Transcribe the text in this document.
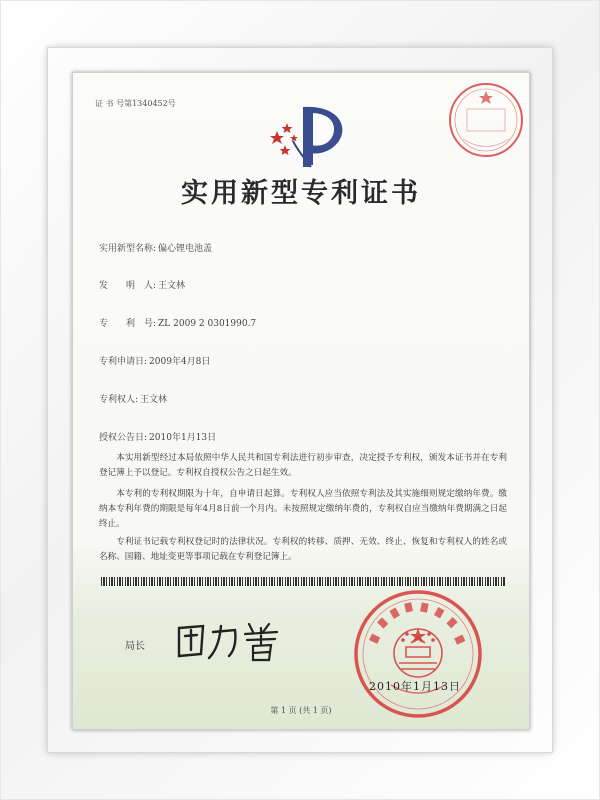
证 书 号第1340452号
实用新型专利证书
实用新型名称: 偏心锂电池盖
发　　明　人: 王文林
专　　利　号: ZL 2009 2 0301990.7
专利申请日: 2009年4月8日
专利权人: 王文林
授权公告日: 2010年1月13日
本实用新型经过本局依照中华人民共和国专利法进行初步审查，决定授予专利权，颁发本证书并在专利登记簿上予以登记。专利权自授权公告之日起生效。
本专利的专利权期限为十年，自申请日起算。专利权人应当依照专利法及其实施细则规定缴纳年费。缴纳本专利年费的期限是每年4月8日前一个月内。未按照规定缴纳年费的，专利权自应当缴纳年费期满之日起终止。
专利证书记载专利权登记时的法律状况。专利权的转移、质押、无效、终止、恢复和专利权人的姓名或名称、国籍、地址变更等事项记载在专利登记簿上。
局长
2010年1月13日
第 1 页 (共 1 页)
